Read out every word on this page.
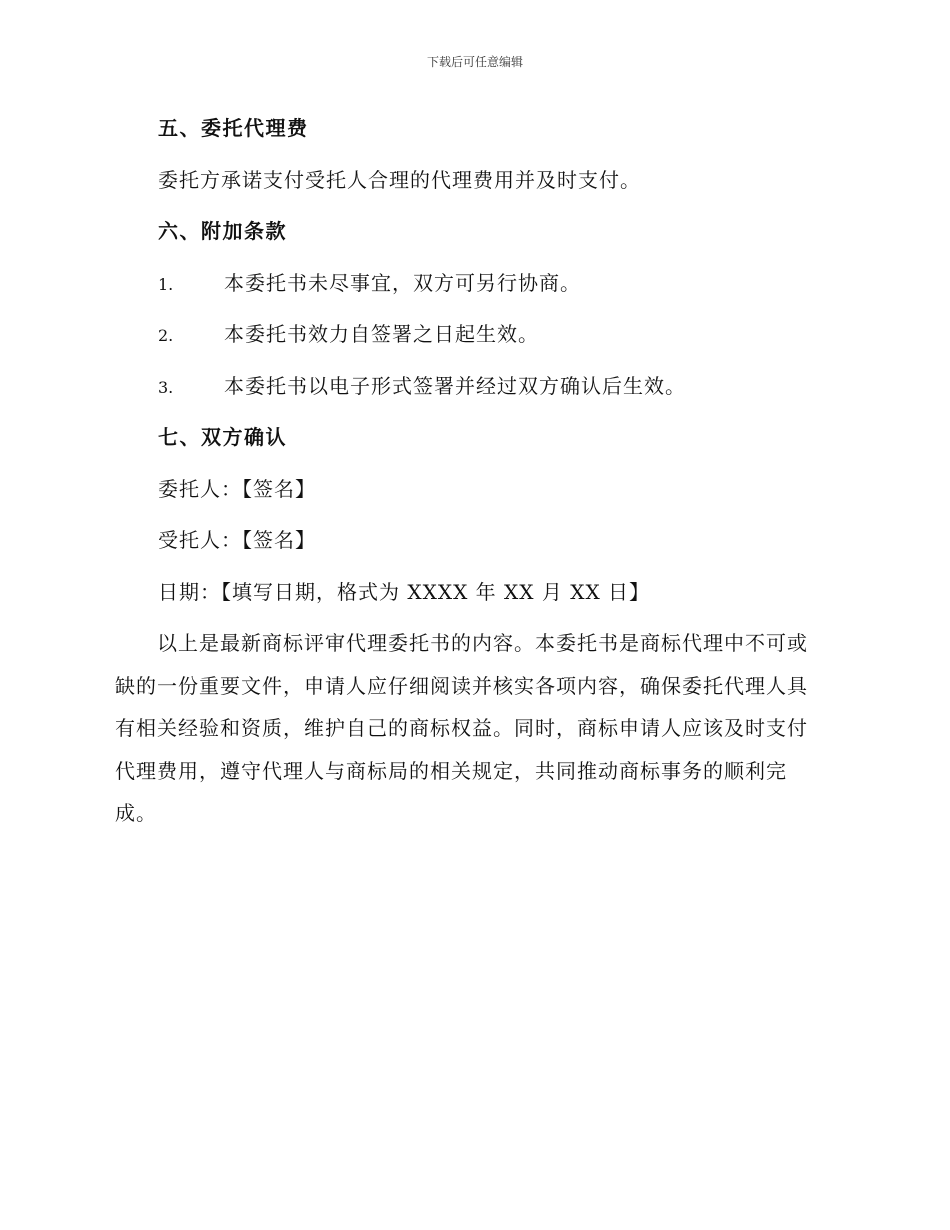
下载后可任意编辑
五、委托代理费
委托方承诺支付受托人合理的代理费用并及时支付。
六、附加条款
1.	本委托书未尽事宜，双方可另行协商。
2.	本委托书效力自签署之日起生效。
3.	本委托书以电子形式签署并经过双方确认后生效。
七、双方确认
委托人：【签名】
受托人：【签名】
日期：【填写日期，格式为 XXXX 年 XX 月 XX 日】
　　以上是最新商标评审代理委托书的内容。本委托书是商标代理中不可或
缺的一份重要文件，申请人应仔细阅读并核实各项内容，确保委托代理人具
有相关经验和资质，维护自己的商标权益。同时，商标申请人应该及时支付
代理费用，遵守代理人与商标局的相关规定，共同推动商标事务的顺利完
成。
